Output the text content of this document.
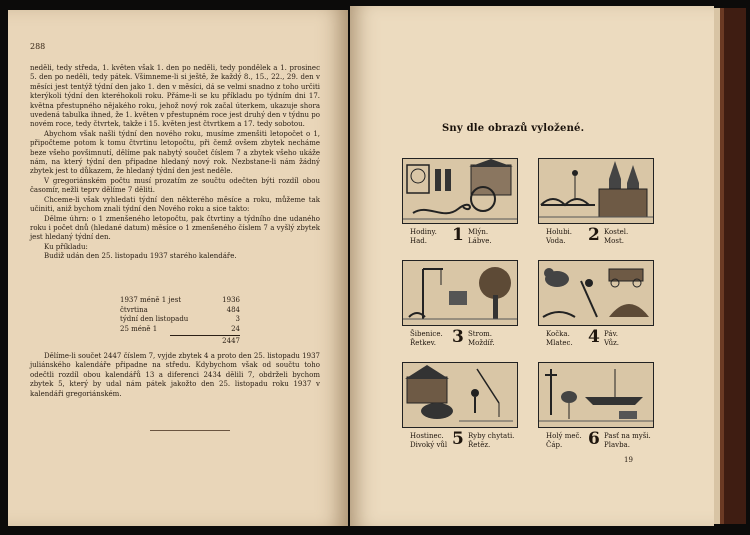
288

neděli, tedy středa, 1. květen však 1. den po neděli, tedy pondělek a 1. prosinec 5. den po neděli, tedy pátek. Všimneme-li si ještě, že každý 8., 15., 22., 29. den v měsíci jest tentýž týdní den jako 1. den v měsíci, dá se velmi snadno z toho určiti kterýkoli týdní den kteréhokoli roku. Přáme-li se ku příkladu po týdním dni 17. května přestupného nějakého roku, jehož nový rok začal úterkem, ukazuje shora uvedená tabulka ihned, že 1. květen v přestupném roce jest druhý den v týdnu po novém roce, tedy čtvrtek, takže i 15. květen jest čtvrtkem a 17. tedy sobotou.

Abychom však našli týdní den nového roku, musíme zmenšiti letopočet o 1, připočteme potom k tomu čtvrtinu letopočtu, při čemž ovšem zbytek necháme beze všeho povšimnutí, dělíme pak nabytý součet číslem 7 a zbytek všeho ukáže nám, na který týdní den připadne hledaný nový rok. Nezbstane-li nám žádný zbytek jest to důkazem, že hledaný týdní den jest neděle.

V gregoriánském počtu musí prozatím ze součtu odečten býti rozdíl obou časomír, nežli teprv dělíme 7 děliti.

Chceme-li však vyhledati týdní den některého měsíce a roku, můžeme tak učiniti, aniž bychom znali týdní den Nového roku a sice takto:

Dělme úhrn: o 1 zmenšeného letopočtu, pak čtvrtiny a týdního dne udaného roku i počet dnů (hledané datum) měsíce o 1 zmenšeného číslem 7 a vyšlý zbytek jest hledaný týdní den.

Ku příkladu:

Budiž udán den 25. listopadu 1937 starého kalendáře.

1937 méně 1 jest	1936
čtvrtina	484
týdní den listopadu	3
25 méně 1	24
2447

Dělíme-li součet 2447 číslem 7, vyjde zbytek 4 a proto den 25. listopadu 1937 juliánského kalendáře připadne na středu. Kdybychom však od součtu toho odečtli rozdíl obou kalendářů 13 a diferenci 2434 dělili 7, obdrželi bychom zbytek 5, který by udal nám pátek jakožto den 25. listopadu roku 1937 v kalendáři gregoriánském.

Sny dle obrazů vyložené.
Hodiny.
Had.	1 Mlýn.
Lábve.
Holubi.
Voda.	2 Kostel.
Most.
Šibenice.
Řetkev. 3 Strom.
Moždíř.
Kočka.
Mlatec. 4 Páv.
Vůz.
Hostinec.
Divoký vůl 5 Ryby chytati.
Řetěz.
Holý meč.
Čáp.	6 Pasť na myši.
Plavba.
19
